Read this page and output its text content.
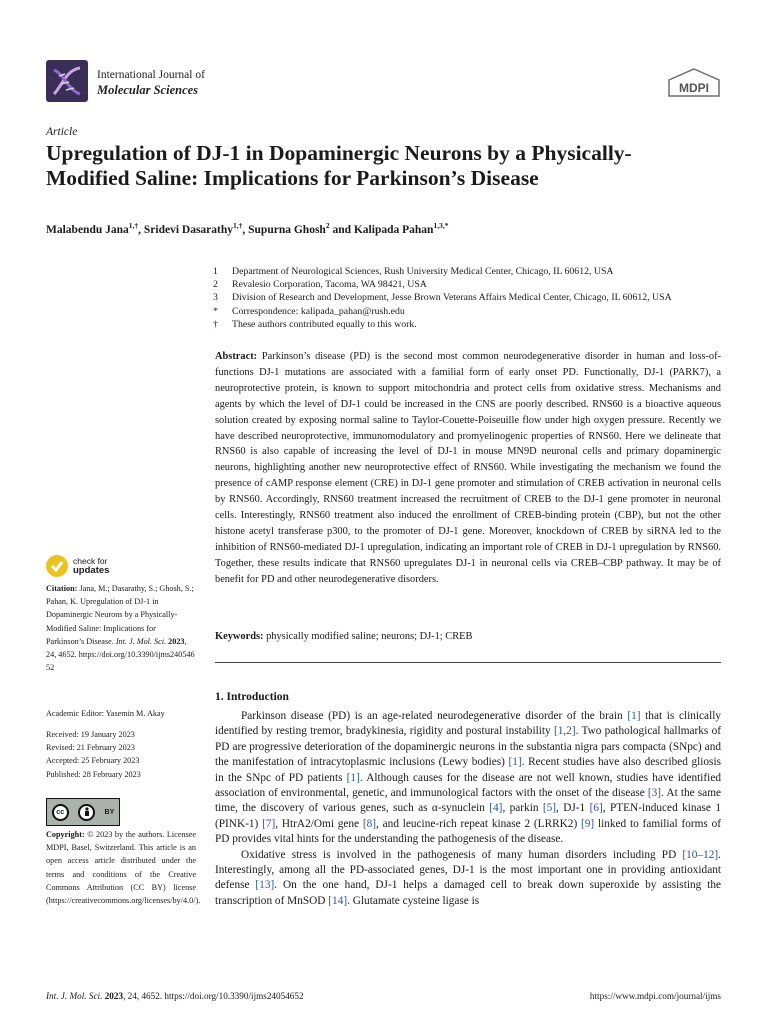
International Journal of
Molecular Sciences	MDPI
Article
Upregulation of DJ-1 in Dopaminergic Neurons by a Physically-Modified Saline: Implications for Parkinson’s Disease
Malabendu Jana$^{1,\dagger}$, Sridevi Dasarathy$^{1,\dagger}$, Supurna Ghosh$^2$ and Kalipada Pahan$^{1,3,*}$
1	Department of Neurological Sciences, Rush University Medical Center, Chicago, IL 60612, USA
2	Revalesio Corporation, Tacoma, WA 98421, USA
3	Division of Research and Development, Jesse Brown Veterans Affairs Medical Center, Chicago, IL 60612, USA
*	Correspondence: kalipada_pahan@rush.edu
†	These authors contributed equally to this work.
Abstract: Parkinson’s disease (PD) is the second most common neurodegenerative disorder in human and loss-of-functions DJ-1 mutations are associated with a familial form of early onset PD. Functionally, DJ-1 (PARK7), a neuroprotective protein, is known to support mitochondria and protect cells from oxidative stress. Mechanisms and agents by which the level of DJ-1 could be increased in the CNS are poorly described. RNS60 is a bioactive aqueous solution created by exposing normal saline to Taylor-Couette-Poiseuille flow under high oxygen pressure. Recently we have described neuroprotective, immunomodulatory and promyelinogenic properties of RNS60. Here we delineate that RNS60 is also capable of increasing the level of DJ-1 in mouse MN9D neuronal cells and primary dopaminergic neurons, highlighting another new neuroprotective effect of RNS60. While investigating the mechanism we found the presence of cAMP response element (CRE) in DJ-1 gene promoter and stimulation of CREB activation in neuronal cells by RNS60. Accordingly, RNS60 treatment increased the recruitment of CREB to the DJ-1 gene promoter in neuronal cells. Interestingly, RNS60 treatment also induced the enrollment of CREB-binding protein (CBP), but not the other histone acetyl transferase p300, to the promoter of DJ-1 gene. Moreover, knockdown of CREB by siRNA led to the inhibition of RNS60-mediated DJ-1 upregulation, indicating an important role of CREB in DJ-1 upregulation by RNS60. Together, these results indicate that RNS60 upregulates DJ-1 in neuronal cells via CREB–CBP pathway. It may be of benefit for PD and other neurodegenerative disorders.
Keywords: physically modified saline; neurons; DJ-1; CREB
check for
updates
Citation: Jana, M.; Dasarathy, S.; Ghosh, S.; Pahan, K. Upregulation of DJ-1 in Dopaminergic Neurons by a Physically-Modified Saline: Implications for Parkinson’s Disease. Int. J. Mol. Sci. 2023, 24, 4652. https://doi.org/10.3390/ijms24054652
Academic Editor: Yasemin M. Akay
Received: 19 January 2023
Revised: 21 February 2023
Accepted: 25 February 2023
Published: 28 February 2023
cc	BY
Copyright: © 2023 by the authors. Licensee MDPI, Basel, Switzerland. This article is an open access article distributed under the terms and conditions of the Creative Commons Attribution (CC BY) license (https://creativecommons.org/licenses/by/4.0/).
1. Introduction

Parkinson disease (PD) is an age-related neurodegenerative disorder of the brain [1] that is clinically identified by resting tremor, bradykinesia, rigidity and postural instability [1,2]. Two pathological hallmarks of PD are progressive deterioration of the dopaminergic neurons in the substantia nigra pars compacta (SNpc) and the manifestation of intracytoplasmic inclusions (Lewy bodies) [1]. Recent studies have also described gliosis in the SNpc of PD patients [1]. Although causes for the disease are not well known, studies have identified association of environmental, genetic, and immunological factors with the onset of the disease [3]. At the same time, the discovery of various genes, such as α-synuclein [4], parkin [5], DJ-1 [6], PTEN-induced kinase 1 (PINK-1) [7], HtrA2/Omi gene [8], and leucine-rich repeat kinase 2 (LRRK2) [9] linked to familial forms of PD provides vital hints for the understanding the pathogenesis of the disease.

Oxidative stress is involved in the pathogenesis of many human disorders including PD [10–12]. Interestingly, among all the PD-associated genes, DJ-1 is the most important one in providing antioxidant defense [13]. On the one hand, DJ-1 helps a damaged cell to break down superoxide by assisting the transcription of MnSOD [14]. Glutamate cysteine ligase is

Int. J. Mol. Sci. 2023, 24, 4652. https://doi.org/10.3390/ijms24054652	https://www.mdpi.com/journal/ijms
